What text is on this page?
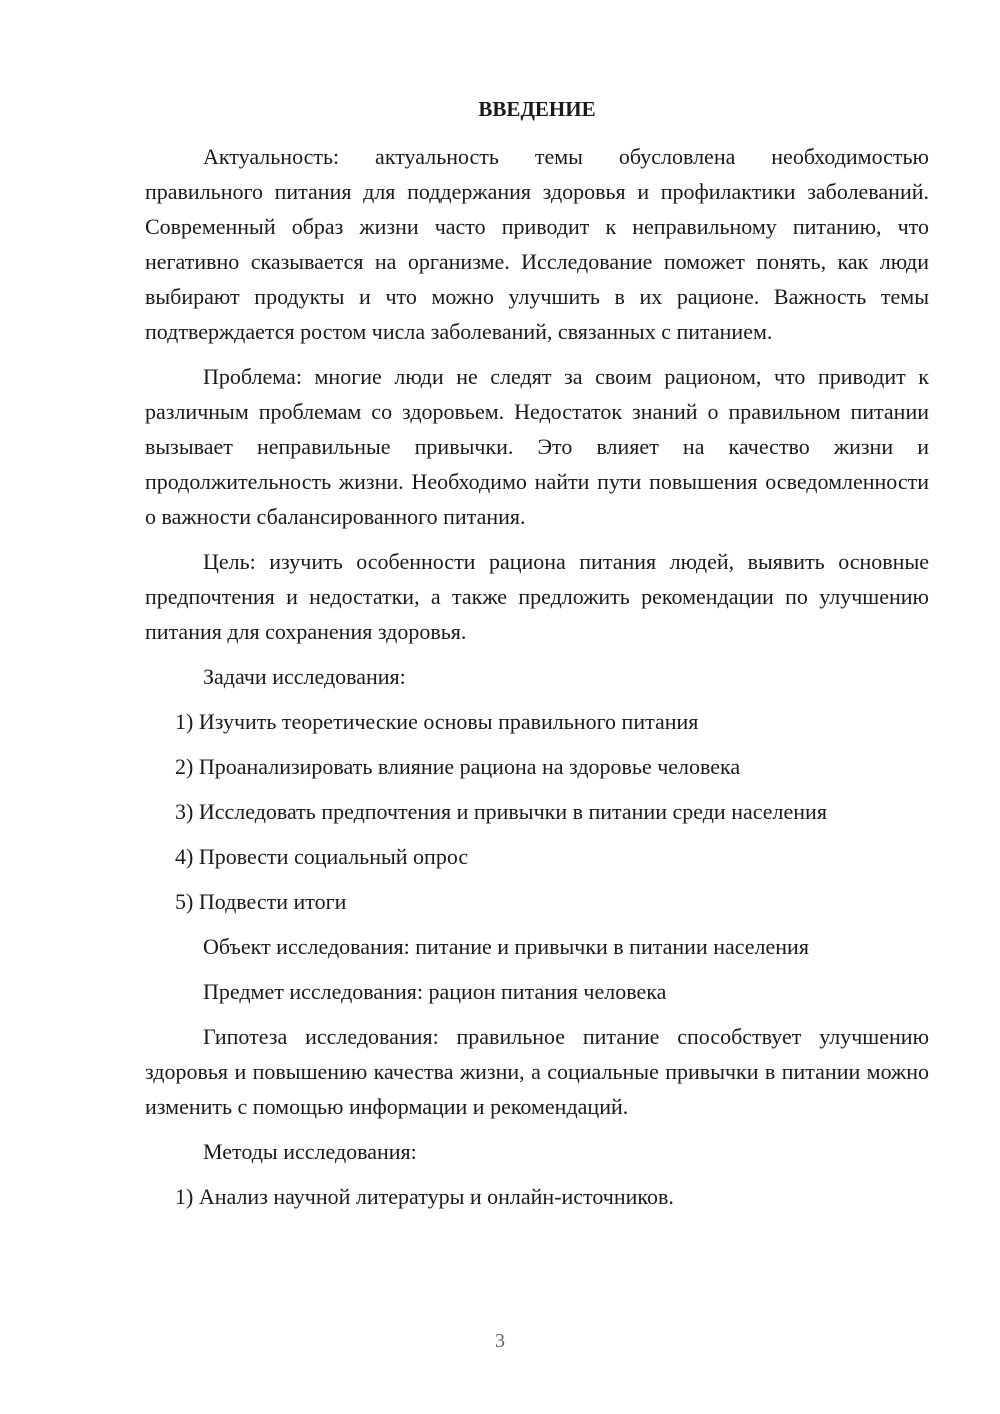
ВВЕДЕНИЕ
Актуальность: актуальность темы обусловлена необходимостью правильного питания для поддержания здоровья и профилактики заболеваний. Современный образ жизни часто приводит к неправильному питанию, что негативно сказывается на организме. Исследование поможет понять, как люди выбирают продукты и что можно улучшить в их рационе. Важность темы подтверждается ростом числа заболеваний, связанных с питанием.
Проблема: многие люди не следят за своим рационом, что приводит к различным проблемам со здоровьем. Недостаток знаний о правильном питании вызывает неправильные привычки. Это влияет на качество жизни и продолжительность жизни. Необходимо найти пути повышения осведомленности о важности сбалансированного питания.
Цель: изучить особенности рациона питания людей, выявить основные предпочтения и недостатки, а также предложить рекомендации по улучшению питания для сохранения здоровья.
Задачи исследования:
1) Изучить теоретические основы правильного питания
2) Проанализировать влияние рациона на здоровье человека
3) Исследовать предпочтения и привычки в питании среди населения
4) Провести социальный опрос
5) Подвести итоги
Объект исследования: питание и привычки в питании населения
Предмет исследования: рацион питания человека
Гипотеза исследования: правильное питание способствует улучшению здоровья и повышению качества жизни, а социальные привычки в питании можно изменить с помощью информации и рекомендаций.
Методы исследования:
1) Анализ научной литературы и онлайн-источников.
3
